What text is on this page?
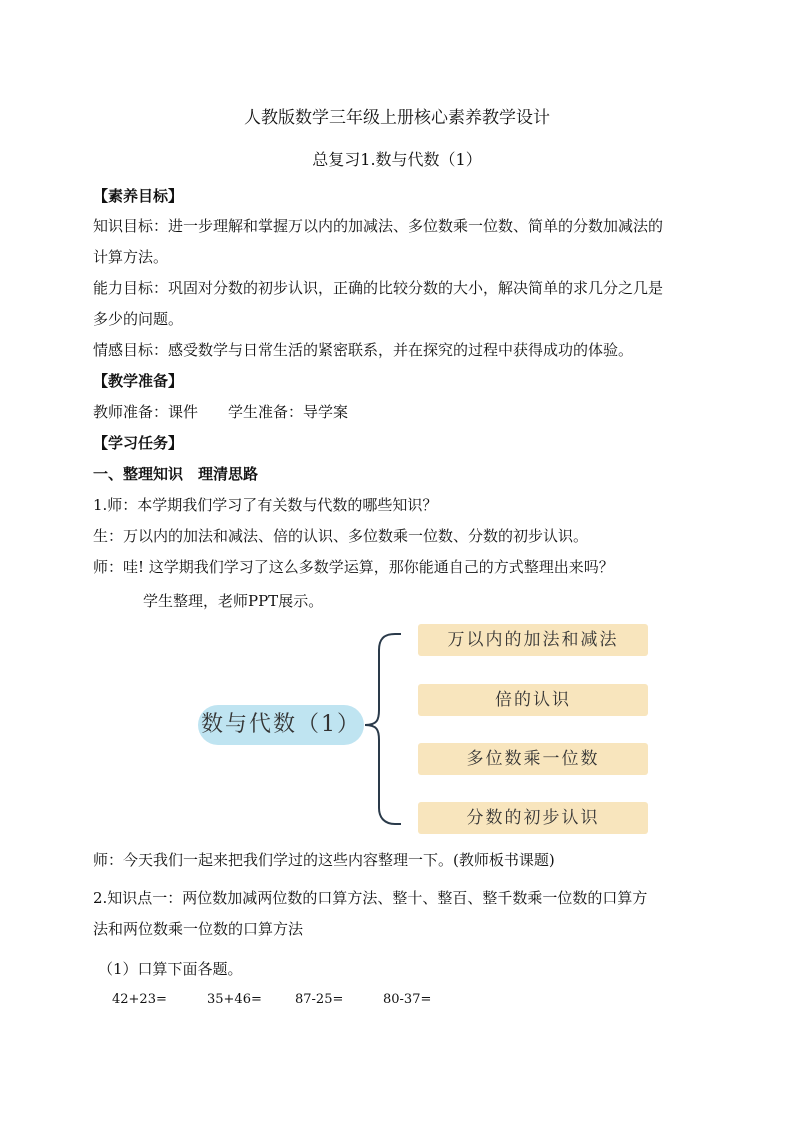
人教版数学三年级上册核心素养教学设计
总复习1.数与代数（1）
【素养目标】
知识目标：进一步理解和掌握万以内的加减法、多位数乘一位数、简单的分数加减法的
计算方法。
能力目标：巩固对分数的初步认识，正确的比较分数的大小，解决简单的求几分之几是
多少的问题。
情感目标：感受数学与日常生活的紧密联系，并在探究的过程中获得成功的体验。
【教学准备】
教师准备：课件　　学生准备：导学案
【学习任务】
一、整理知识　理清思路
1.师：本学期我们学习了有关数与代数的哪些知识？
生：万以内的加法和减法、倍的认识、多位数乘一位数、分数的初步认识。
师：哇! 这学期我们学习了这么多数学运算，那你能通自己的方式整理出来吗？
学生整理，老师PPT展示。
数与代数（1）
万以内的加法和减法
倍的认识
多位数乘一位数
分数的初步认识
师：今天我们一起来把我们学过的这些内容整理一下。(教师板书课题)
2.知识点一：两位数加减两位数的口算方法、整十、整百、整千数乘一位数的口算方
法和两位数乘一位数的口算方法
（1）口算下面各题。
42+23=	35+46=	87-25=	80-37=
